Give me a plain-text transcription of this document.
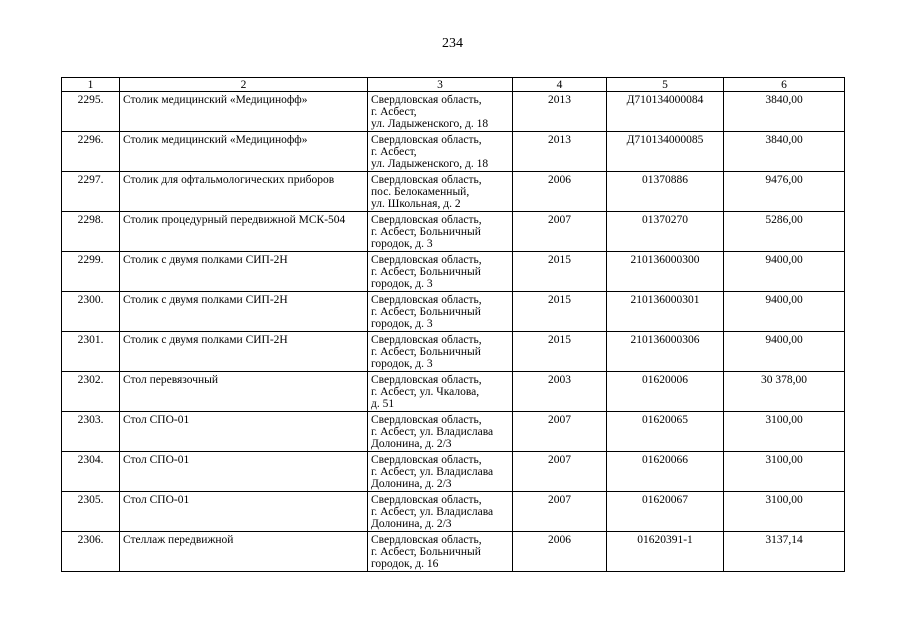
234
1	2	3	4	5	6
2295.	Столик медицинский «Медицинофф»	Свердловская область,
г. Асбест,
ул. Ладыженского, д. 18	2013	Д710134000084	3840,00
2296.	Столик медицинский «Медицинофф»	Свердловская область,
г. Асбест,
ул. Ладыженского, д. 18	2013	Д710134000085	3840,00
2297.	Столик для офтальмологических приборов	Свердловская область,
пос. Белокаменный,
ул. Школьная, д. 2	2006	01370886	9476,00
2298.	Столик процедурный передвижной МСК-504	Свердловская область,
г. Асбест, Больничный
городок, д. 3	2007	01370270	5286,00
2299.	Столик с двумя полками СИП-2Н	Свердловская область,
г. Асбест, Больничный
городок, д. 3	2015	210136000300	9400,00
2300.	Столик с двумя полками СИП-2Н	Свердловская область,
г. Асбест, Больничный
городок, д. 3	2015	210136000301	9400,00
2301.	Столик с двумя полками СИП-2Н	Свердловская область,
г. Асбест, Больничный
городок, д. 3	2015	210136000306	9400,00
2302.	Стол перевязочный	Свердловская область,
г. Асбест, ул. Чкалова,
д. 51	2003	01620006	30 378,00
2303.	Стол СПО-01	Свердловская область,
г. Асбест, ул. Владислава
Долонина, д. 2/3	2007	01620065	3100,00
2304.	Стол СПО-01	Свердловская область,
г. Асбест, ул. Владислава
Долонина, д. 2/3	2007	01620066	3100,00
2305.	Стол СПО-01	Свердловская область,
г. Асбест, ул. Владислава
Долонина, д. 2/3	2007	01620067	3100,00
2306.	Стеллаж передвижной	Свердловская область,
г. Асбест, Больничный
городок, д. 16	2006	01620391-1	3137,14
